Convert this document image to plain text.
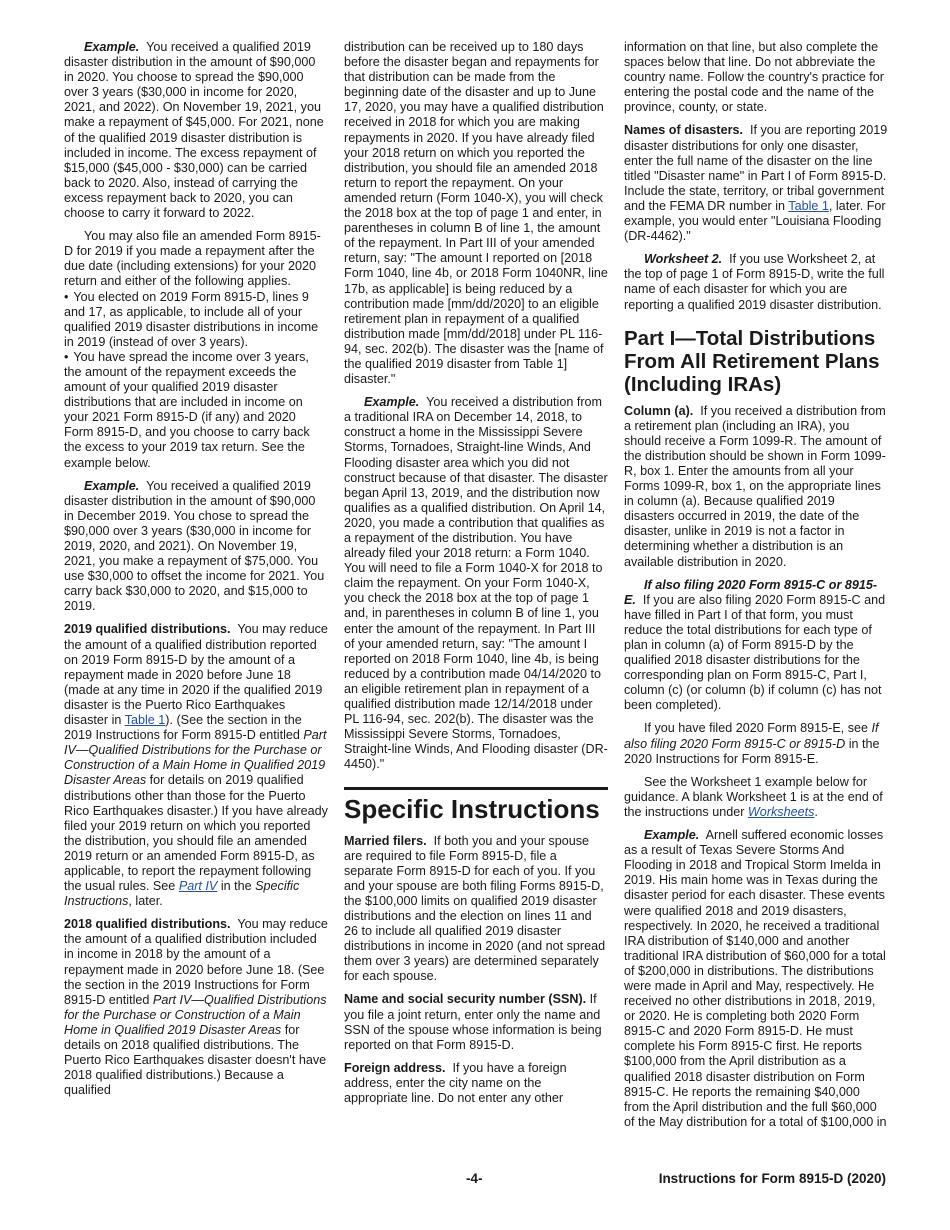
Example. You received a qualified 2019 disaster distribution in the amount of $90,000 in 2020. You choose to spread the $90,000 over 3 years ($30,000 in income for 2020, 2021, and 2022). On November 19, 2021, you make a repayment of $45,000. For 2021, none of the qualified 2019 disaster distribution is included in income. The excess repayment of $15,000 ($45,000 - $30,000) can be carried back to 2020. Also, instead of carrying the excess repayment back to 2020, you can choose to carry it forward to 2022.

You may also file an amended Form 8915-D for 2019 if you made a repayment after the due date (including extensions) for your 2020 return and either of the following applies.

• You elected on 2019 Form 8915-D, lines 9 and 17, as applicable, to include all of your qualified 2019 disaster distributions in income in 2019 (instead of over 3 years).

• You have spread the income over 3 years, the amount of the repayment exceeds the amount of your qualified 2019 disaster distributions that are included in income on your 2021 Form 8915-D (if any) and 2020 Form 8915-D, and you choose to carry back the excess to your 2019 tax return. See the example below.

Example. You received a qualified 2019 disaster distribution in the amount of $90,000 in December 2019. You chose to spread the $90,000 over 3 years ($30,000 in income for 2019, 2020, and 2021). On November 19, 2021, you make a repayment of $75,000. You use $30,000 to offset the income for 2021. You carry back $30,000 to 2020, and $15,000 to 2019.

2019 qualified distributions. You may reduce the amount of a qualified distribution reported on 2019 Form 8915-D by the amount of a repayment made in 2020 before June 18 (made at any time in 2020 if the qualified 2019 disaster is the Puerto Rico Earthquakes disaster in Table 1). (See the section in the 2019 Instructions for Form 8915-D entitled Part IV—Qualified Distributions for the Purchase or Construction of a Main Home in Qualified 2019 Disaster Areas for details on 2019 qualified distributions other than those for the Puerto Rico Earthquakes disaster.) If you have already filed your 2019 return on which you reported the distribution, you should file an amended 2019 return or an amended Form 8915-D, as applicable, to report the repayment following the usual rules. See Part IV in the Specific Instructions, later.

2018 qualified distributions. You may reduce the amount of a qualified distribution included in income in 2018 by the amount of a repayment made in 2020 before June 18. (See the section in the 2019 Instructions for Form 8915-D entitled Part IV—Qualified Distributions for the Purchase or Construction of a Main Home in Qualified 2019 Disaster Areas for details on 2018 qualified distributions. The Puerto Rico Earthquakes disaster doesn't have 2018 qualified distributions.) Because a qualified

distribution can be received up to 180 days before the disaster began and repayments for that distribution can be made from the beginning date of the disaster and up to June 17, 2020, you may have a qualified distribution received in 2018 for which you are making repayments in 2020. If you have already filed your 2018 return on which you reported the distribution, you should file an amended 2018 return to report the repayment. On your amended return (Form 1040-X), you will check the 2018 box at the top of page 1 and enter, in parentheses in column B of line 1, the amount of the repayment. In Part III of your amended return, say: "The amount I reported on [2018 Form 1040, line 4b, or 2018 Form 1040NR, line 17b, as applicable] is being reduced by a contribution made [mm/dd/2020] to an eligible retirement plan in repayment of a qualified distribution made [mm/dd/2018] under PL 116-94, sec. 202(b). The disaster was the [name of the qualified 2019 disaster from Table 1] disaster."

Example. You received a distribution from a traditional IRA on December 14, 2018, to construct a home in the Mississippi Severe Storms, Tornadoes, Straight-line Winds, And Flooding disaster area which you did not construct because of that disaster. The disaster began April 13, 2019, and the distribution now qualifies as a qualified distribution. On April 14, 2020, you made a contribution that qualifies as a repayment of the distribution. You have already filed your 2018 return: a Form 1040. You will need to file a Form 1040-X for 2018 to claim the repayment. On your Form 1040-X, you check the 2018 box at the top of page 1 and, in parentheses in column B of line 1, you enter the amount of the repayment. In Part III of your amended return, say: "The amount I reported on 2018 Form 1040, line 4b, is being reduced by a contribution made 04/14/2020 to an eligible retirement plan in repayment of a qualified distribution made 12/14/2018 under PL 116-94, sec. 202(b). The disaster was the Mississippi Severe Storms, Tornadoes, Straight-line Winds, And Flooding disaster (DR-4450)."

Specific Instructions

Married filers. If both you and your spouse are required to file Form 8915-D, file a separate Form 8915-D for each of you. If you and your spouse are both filing Forms 8915-D, the $100,000 limits on qualified 2019 disaster distributions and the election on lines 11 and 26 to include all qualified 2019 disaster distributions in income in 2020 (and not spread them over 3 years) are determined separately for each spouse.

Name and social security number (SSN). If you file a joint return, enter only the name and SSN of the spouse whose information is being reported on that Form 8915-D.

Foreign address. If you have a foreign address, enter the city name on the appropriate line. Do not enter any other

information on that line, but also complete the spaces below that line. Do not abbreviate the country name. Follow the country's practice for entering the postal code and the name of the province, county, or state.

Names of disasters. If you are reporting 2019 disaster distributions for only one disaster, enter the full name of the disaster on the line titled "Disaster name" in Part I of Form 8915-D. Include the state, territory, or tribal government and the FEMA DR number in Table 1, later. For example, you would enter "Louisiana Flooding (DR-4462)."

Worksheet 2. If you use Worksheet 2, at the top of page 1 of Form 8915-D, write the full name of each disaster for which you are reporting a qualified 2019 disaster distribution.

Part I—Total Distributions From All Retirement Plans (Including IRAs)

Column (a). If you received a distribution from a retirement plan (including an IRA), you should receive a Form 1099-R. The amount of the distribution should be shown in Form 1099-R, box 1. Enter the amounts from all your Forms 1099-R, box 1, on the appropriate lines in column (a). Because qualified 2019 disasters occurred in 2019, the date of the disaster, unlike in 2019 is not a factor in determining whether a distribution is an available distribution in 2020.

If also filing 2020 Form 8915-C or 8915-E. If you are also filing 2020 Form 8915-C and have filled in Part I of that form, you must reduce the total distributions for each type of plan in column (a) of Form 8915-D by the qualified 2018 disaster distributions for the corresponding plan on Form 8915-C, Part I, column (c) (or column (b) if column (c) has not been completed).

If you have filed 2020 Form 8915-E, see If also filing 2020 Form 8915-C or 8915-D in the 2020 Instructions for Form 8915-E.

See the Worksheet 1 example below for guidance. A blank Worksheet 1 is at the end of the instructions under Worksheets.

Example. Arnell suffered economic losses as a result of Texas Severe Storms And Flooding in 2018 and Tropical Storm Imelda in 2019. His main home was in Texas during the disaster period for each disaster. These events were qualified 2018 and 2019 disasters, respectively. In 2020, he received a traditional IRA distribution of $140,000 and another traditional IRA distribution of $60,000 for a total of $200,000 in distributions. The distributions were made in April and May, respectively. He received no other distributions in 2018, 2019, or 2020. He is completing both 2020 Form 8915-C and 2020 Form 8915-D. He must complete his Form 8915-C first. He reports $100,000 from the April distribution as a qualified 2018 disaster distribution on Form 8915-C. He reports the remaining $40,000 from the April distribution and the full $60,000 of the May distribution for a total of $100,000 in

-4-	Instructions for Form 8915-D (2020)
